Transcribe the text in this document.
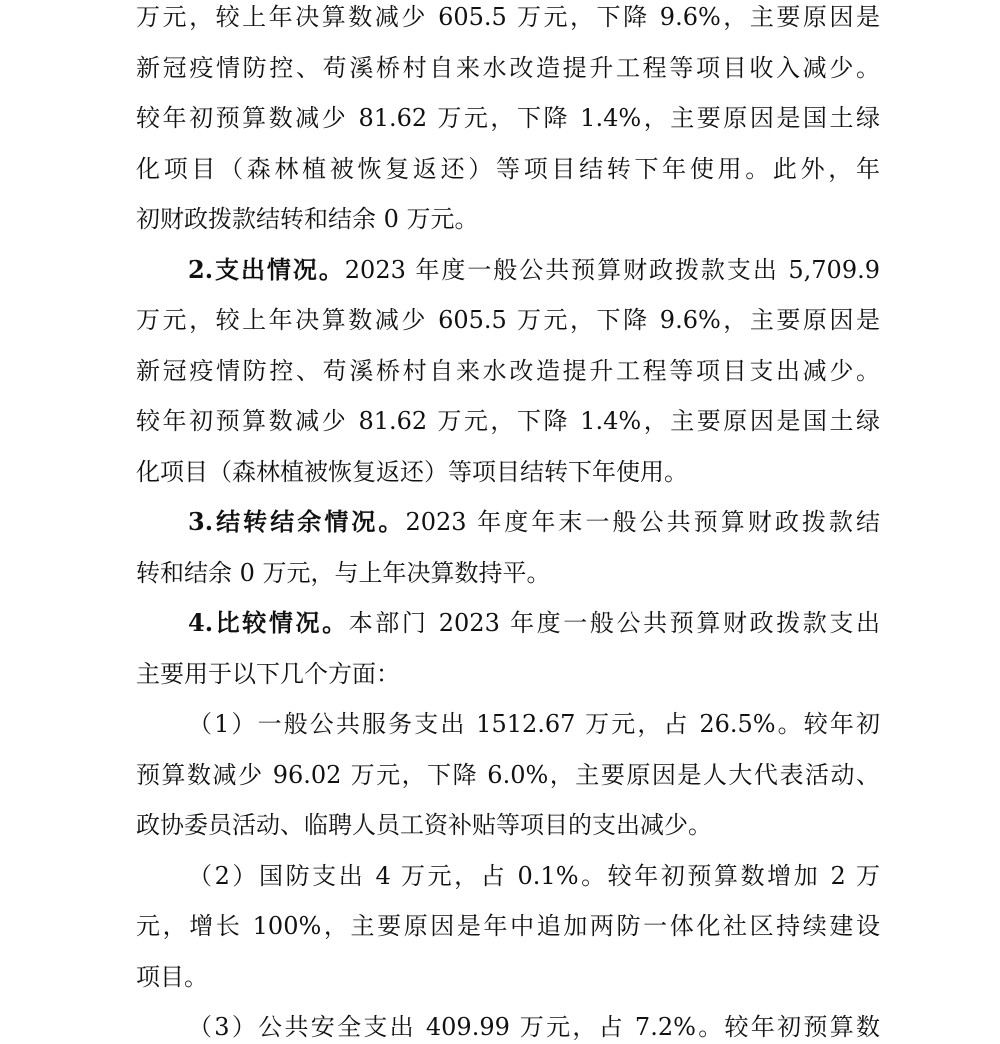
万元，较上年决算数减少 605.5 万元，下降 9.6%，主要原因是
新冠疫情防控、苟溪桥村自来水改造提升工程等项目收入减少。
较年初预算数减少 81.62 万元，下降 1.4%，主要原因是国土绿
化项目（森林植被恢复返还）等项目结转下年使用。此外，年
初财政拨款结转和结余 0 万元。
2.支出情况。2023 年度一般公共预算财政拨款支出 5,709.9
万元，较上年决算数减少 605.5 万元，下降 9.6%，主要原因是
新冠疫情防控、苟溪桥村自来水改造提升工程等项目支出减少。
较年初预算数减少 81.62 万元，下降 1.4%，主要原因是国土绿
化项目（森林植被恢复返还）等项目结转下年使用。
3.结转结余情况。2023 年度年末一般公共预算财政拨款结
转和结余 0 万元，与上年决算数持平。
4.比较情况。本部门 2023 年度一般公共预算财政拨款支出
主要用于以下几个方面：
（1）一般公共服务支出 1512.67 万元，占 26.5%。较年初
预算数减少 96.02 万元，下降 6.0%，主要原因是人大代表活动、
政协委员活动、临聘人员工资补贴等项目的支出减少。
（2）国防支出 4 万元，占 0.1%。较年初预算数增加 2 万
元，增长 100%，主要原因是年中追加两防一体化社区持续建设
项目。
（3）公共安全支出 409.99 万元，占 7.2%。较年初预算数
